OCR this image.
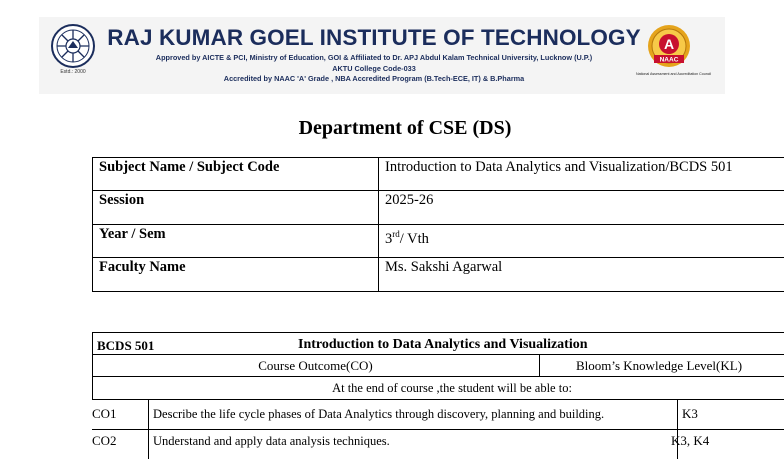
Estd.: 2000
RAJ KUMAR GOEL INSTITUTE OF TECHNOLOGY
Approved by AICTE & PCI, Ministry of Education, GOI & Affiliated to Dr. APJ Abdul Kalam Technical University, Lucknow (U.P.)
AKTU College Code-033
Accredited by NAAC 'A' Grade , NBA Accredited Program (B.Tech-ECE, IT) & B.Pharma
A
NAAC
National Assessment and Accreditation Council
Department of CSE (DS)
Subject Name / Subject Code	Introduction to Data Analytics and Visualization/BCDS 501
Session	2025-26
Year / Sem	3rd/ Vth
Faculty Name	Ms. Sakshi Agarwal
BCDS 501	Introduction to Data Analytics and Visualization
Course Outcome(CO)	Bloom’s Knowledge Level(KL)
At the end of course ,the student will be able to:
CO1	Describe the life cycle phases of Data Analytics through discovery, planning and building.	K3
CO2	Understand and apply data analysis techniques.	K3, K4
